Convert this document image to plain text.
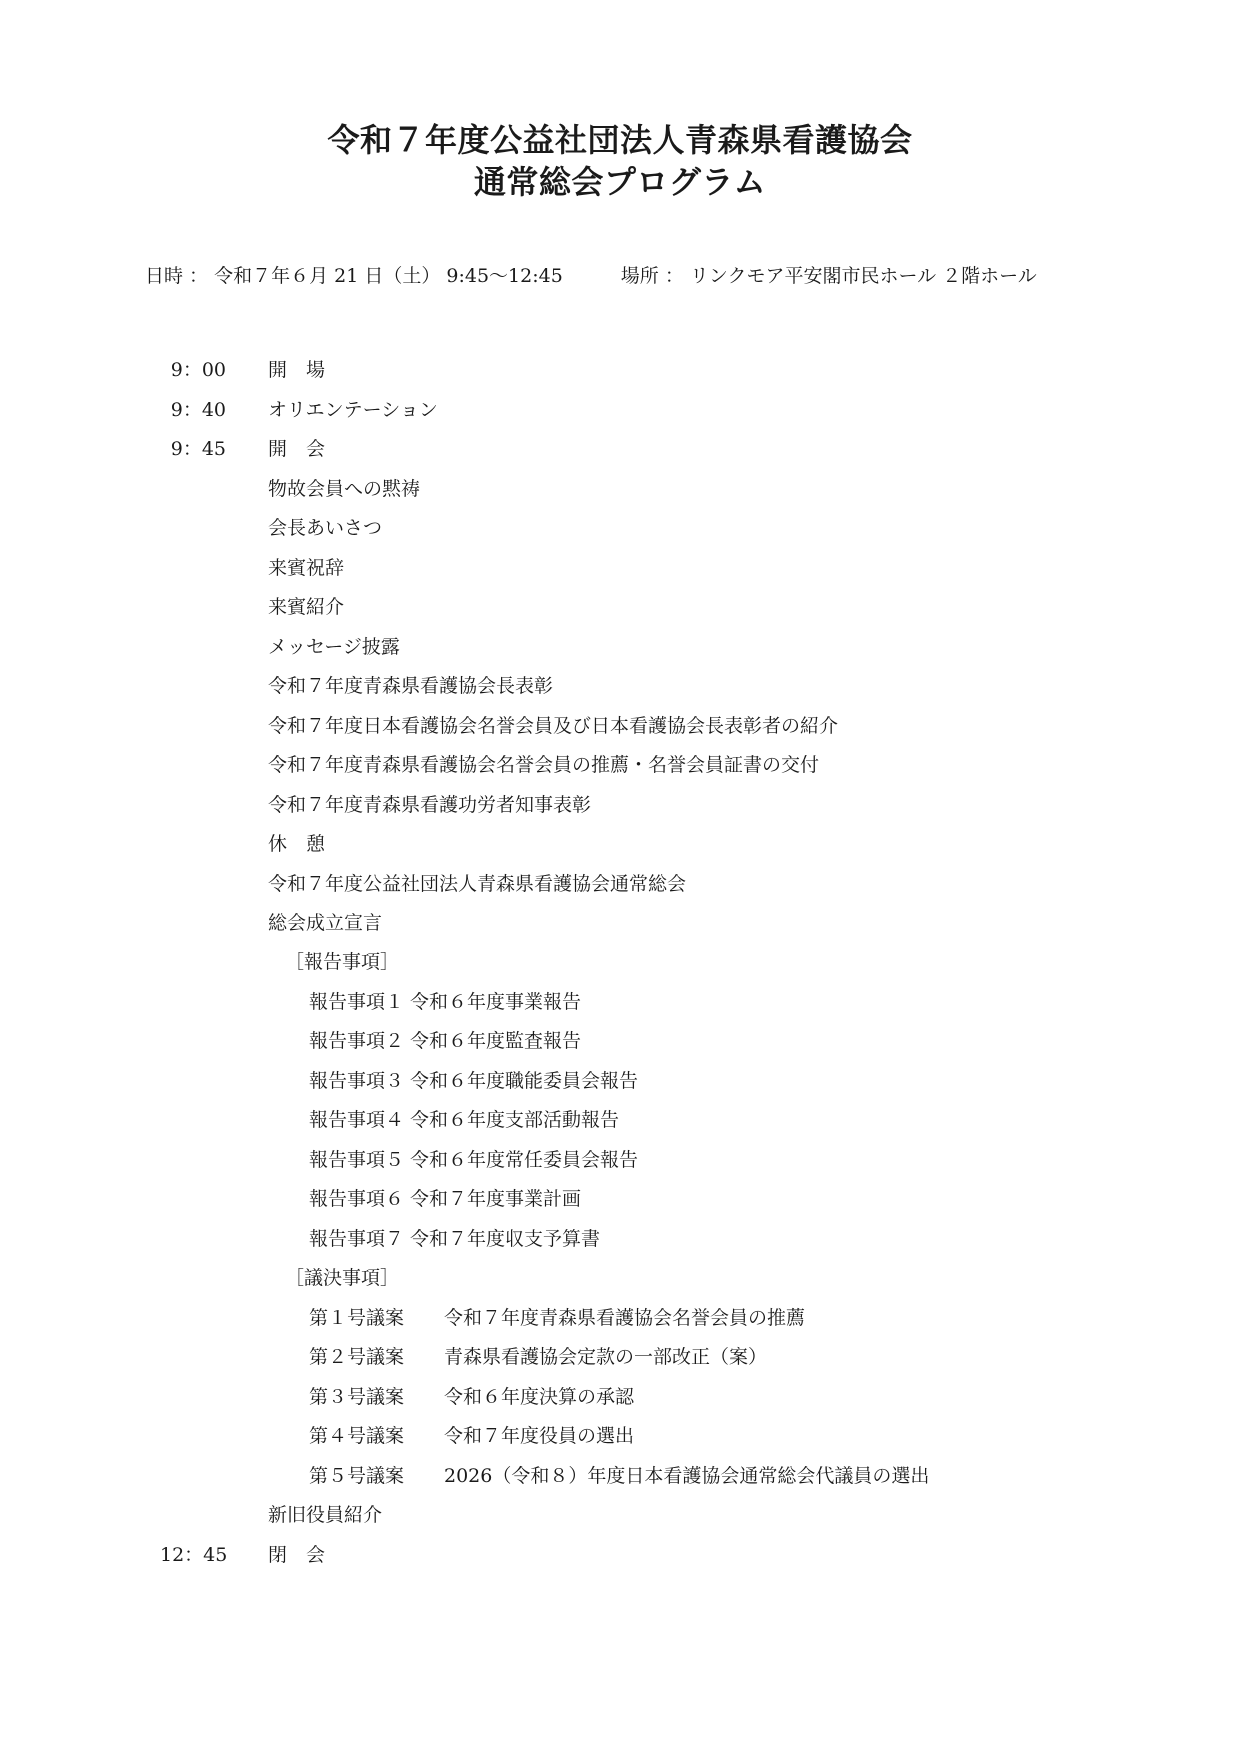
令和７年度公益社団法人青森県看護協会
通常総会プログラム
日時 ： 令和７年６月 21 日（土） 9:45〜12:45	場所 ： リンクモア平安閣市民ホール ２階ホール
9：00 開　場
9：40 オリエンテーション
9：45 開　会
物故会員への黙祷
会長あいさつ
来賓祝辞
来賓紹介
メッセージ披露
令和７年度青森県看護協会長表彰
令和７年度日本看護協会名誉会員及び日本看護協会長表彰者の紹介
令和７年度青森県看護協会名誉会員の推薦・名誉会員証書の交付
令和７年度青森県看護功労者知事表彰
休　憩
令和７年度公益社団法人青森県看護協会通常総会
総会成立宣言
［報告事項］
報告事項１ 令和６年度事業報告
報告事項２ 令和６年度監査報告
報告事項３ 令和６年度職能委員会報告
報告事項４ 令和６年度支部活動報告
報告事項５ 令和６年度常任委員会報告
報告事項６ 令和７年度事業計画
報告事項７ 令和７年度収支予算書
［議決事項］
第１号議案 令和７年度青森県看護協会名誉会員の推薦
第２号議案 青森県看護協会定款の一部改正（案）
第３号議案 令和６年度決算の承認
第４号議案 令和７年度役員の選出
第５号議案 2026（令和８）年度日本看護協会通常総会代議員の選出
新旧役員紹介
12：45 閉　会
